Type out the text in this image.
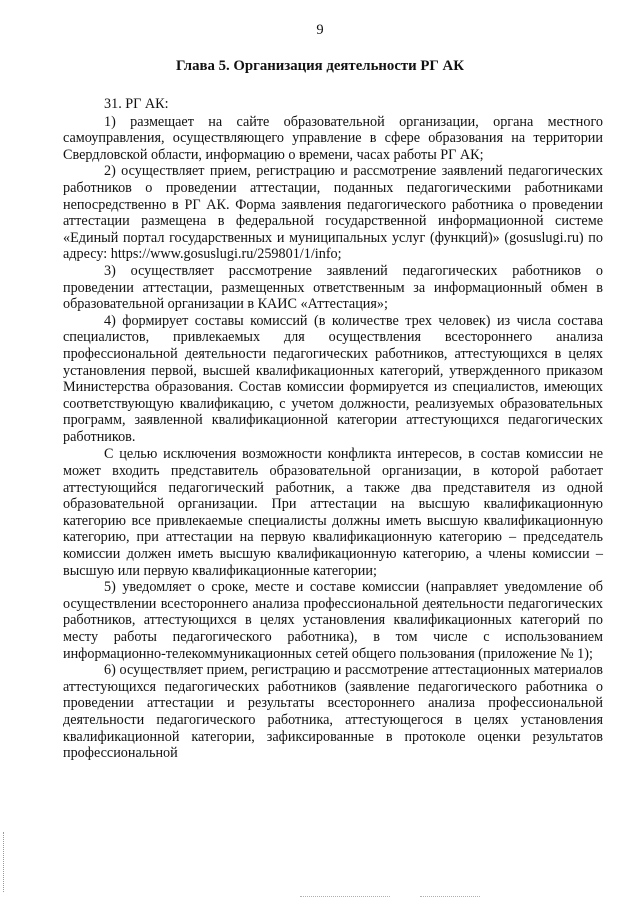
9
Глава 5. Организация деятельности РГ АК

31. РГ АК:

1) размещает на сайте образовательной организации, органа местного самоуправления, осуществляющего управление в сфере образования на территории Свердловской области, информацию о времени, часах работы РГ АК;

2) осуществляет прием, регистрацию и рассмотрение заявлений педагогических работников о проведении аттестации, поданных педагогическими работниками непосредственно в РГ АК. Форма заявления педагогического работника о проведении аттестации размещена в федеральной государственной информационной системе «Единый портал государственных и муниципальных услуг (функций)» (gosuslugi.ru) по адресу: https://www.gosuslugi.ru/259801/1/info;

3) осуществляет рассмотрение заявлений педагогических работников о проведении аттестации, размещенных ответственным за информационный обмен в образовательной организации в КАИС «Аттестация»;

4) формирует составы комиссий (в количестве трех человек) из числа состава специалистов, привлекаемых для осуществления всестороннего анализа профессиональной деятельности педагогических работников, аттестующихся в целях установления первой, высшей квалификационных категорий, утвержденного приказом Министерства образования. Состав комиссии формируется из специалистов, имеющих соответствующую квалификацию, с учетом должности, реализуемых образовательных программ, заявленной квалификационной категории аттестующихся педагогических работников.

С целью исключения возможности конфликта интересов, в состав комиссии не может входить представитель образовательной организации, в которой работает аттестующийся педагогический работник, а также два представителя из одной образовательной организации. При аттестации на высшую квалификационную категорию все привлекаемые специалисты должны иметь высшую квалификационную категорию, при аттестации на первую квалификационную категорию – председатель комиссии должен иметь высшую квалификационную категорию, а члены комиссии – высшую или первую квалификационные категории;

5) уведомляет о сроке, месте и составе комиссии (направляет уведомление об осуществлении всестороннего анализа профессиональной деятельности педагогических работников, аттестующихся в целях установления квалификационных категорий по месту работы педагогического работника), в том числе с использованием информационно-телекоммуникационных сетей общего пользования (приложение № 1);

6) осуществляет прием, регистрацию и рассмотрение аттестационных материалов аттестующихся педагогических работников (заявление педагогического работника о проведении аттестации и результаты всестороннего анализа профессиональной деятельности педагогического работника, аттестующегося в целях установления квалификационной категории, зафиксированные в протоколе оценки результатов профессиональной
